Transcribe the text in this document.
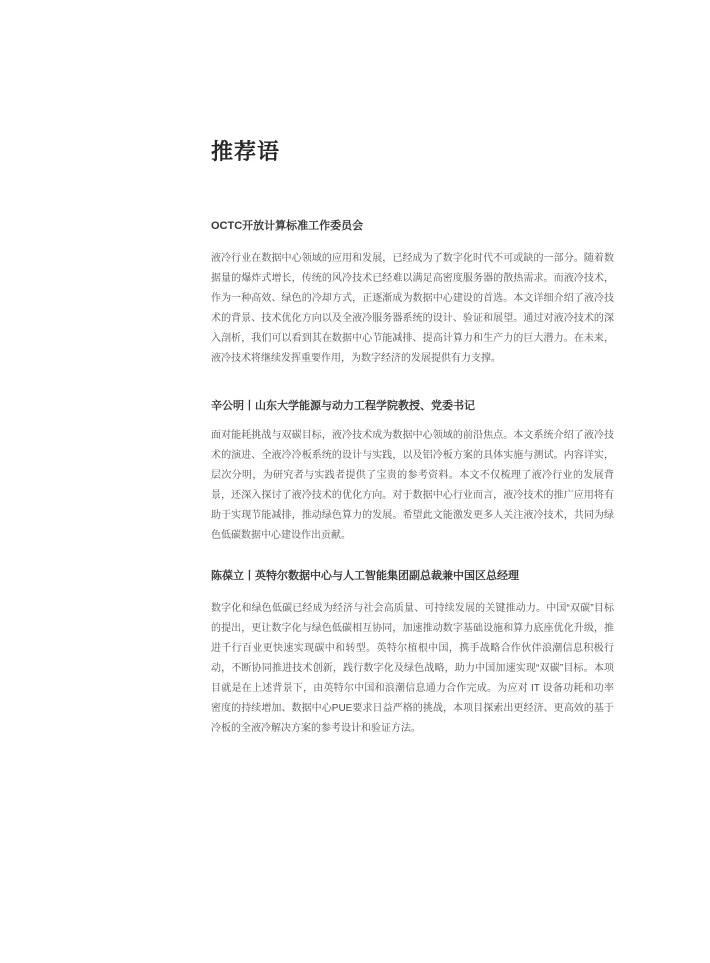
推荐语
OCTC开放计算标准工作委员会

液冷行业在数据中心领域的应用和发展，已经成为了数字化时代不可或缺的一部分。随着数据量的爆炸式增长，传统的风冷技术已经难以满足高密度服务器的散热需求。而液冷技术，作为一种高效、绿色的冷却方式，正逐渐成为数据中心建设的首选。本文详细介绍了液冷技术的背景、技术优化方向以及全液冷服务器系统的设计、验证和展望。通过对液冷技术的深入剖析，我们可以看到其在数据中心节能减排、提高计算力和生产力的巨大潜力。在未来，液冷技术将继续发挥重要作用，为数字经济的发展提供有力支撑。

辛公明丨山东大学能源与动力工程学院教授、党委书记

面对能耗挑战与双碳目标，液冷技术成为数据中心领域的前沿焦点。本文系统介绍了液冷技术的演进、全液冷冷板系统的设计与实践，以及铝冷板方案的具体实施与测试。内容详实，层次分明，为研究者与实践者提供了宝贵的参考资料。本文不仅梳理了液冷行业的发展背景，还深入探讨了液冷技术的优化方向。对于数据中心行业而言，液冷技术的推广应用将有助于实现节能减排，推动绿色算力的发展。希望此文能激发更多人关注液冷技术，共同为绿色低碳数据中心建设作出贡献。

陈葆立丨英特尔数据中心与人工智能集团副总裁兼中国区总经理

数字化和绿色低碳已经成为经济与社会高质量、可持续发展的关键推动力。中国“双碳”目标的提出，更让数字化与绿色低碳相互协同，加速推动数字基础设施和算力底座优化升级，推进千行百业更快速实现碳中和转型。英特尔植根中国，携手战略合作伙伴浪潮信息积极行动，不断协同推进技术创新，践行数字化及绿色战略，助力中国加速实现“双碳”目标。本项目就是在上述背景下，由英特尔中国和浪潮信息通力合作完成。为应对 IT 设备功耗和功率密度的持续增加、数据中心PUE要求日益严格的挑战，本项目探索出更经济、更高效的基于冷板的全液冷解决方案的参考设计和验证方法。
